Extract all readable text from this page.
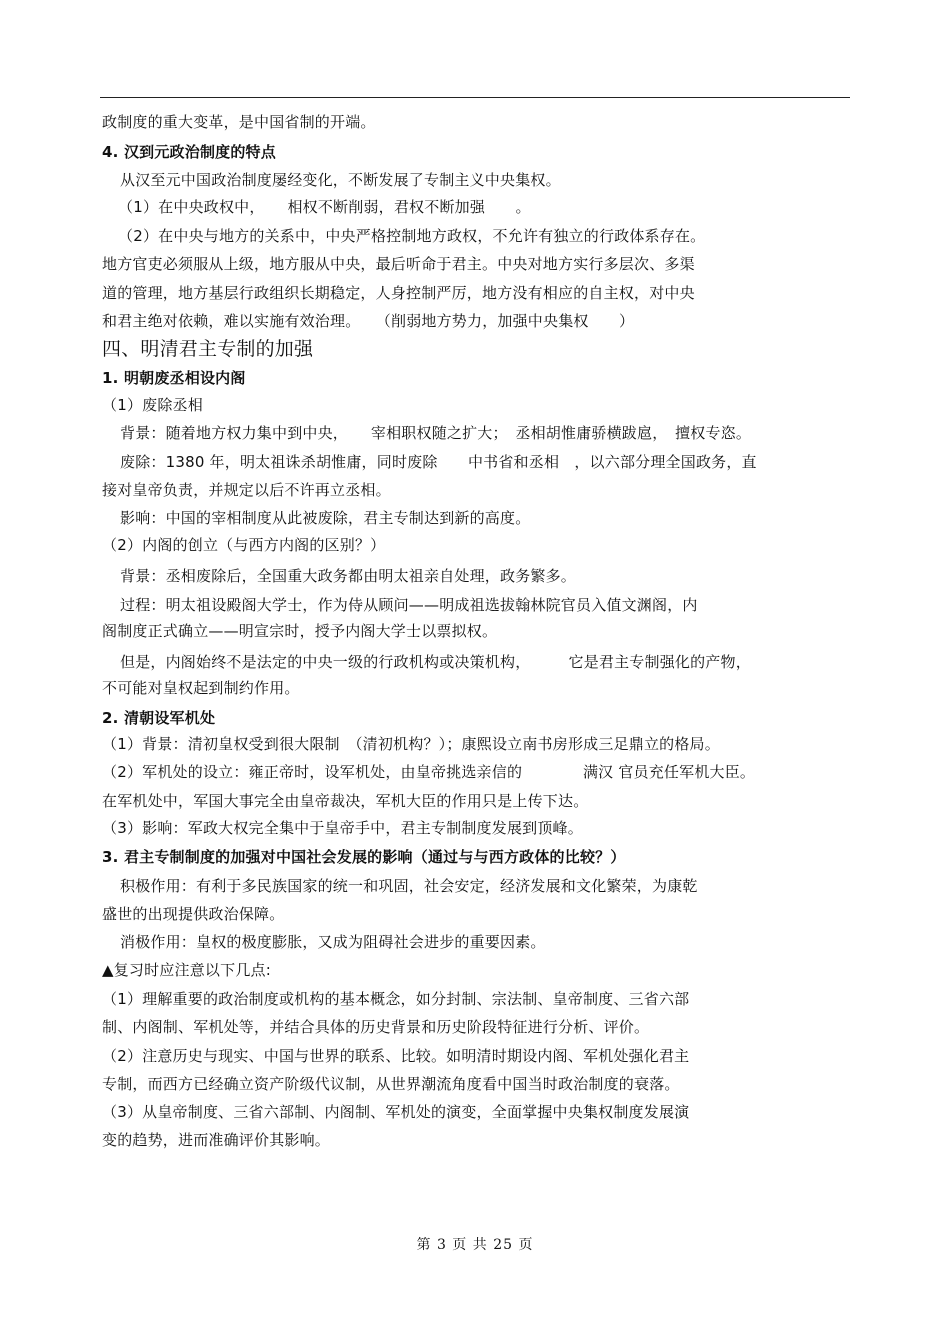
政制度的重大变革，是中国省制的开端。
4. 汉到元政治制度的特点
从汉至元中国政治制度屡经变化，不断发展了专制主义中央集权。
（1）在中央政权中，　　相权不断削弱，君权不断加强　　。
（2）在中央与地方的关系中，中央严格控制地方政权，不允许有独立的行政体系存在。
地方官吏必须服从上级，地方服从中央，最后听命于君主。中央对地方实行多层次、多渠
道的管理，地方基层行政组织长期稳定，人身控制严厉，地方没有相应的自主权，对中央
和君主绝对依赖，难以实施有效治理。　　（削弱地方势力，加强中央集权　　）
四、明清君主专制的加强
1. 明朝废丞相设内阁
（1）废除丞相
背景：随着地方权力集中到中央，　　宰相职权随之扩大；　丞相胡惟庸骄横跋扈，　擅权专恣。
废除：1380 年，明太祖诛杀胡惟庸，同时废除　　中书省和丞相　，以六部分理全国政务，直
接对皇帝负责，并规定以后不许再立丞相。
影响：中国的宰相制度从此被废除，君主专制达到新的高度。
（2）内阁的创立（与西方内阁的区别？）
背景：丞相废除后，全国重大政务都由明太祖亲自处理，政务繁多。
过程：明太祖设殿阁大学士，作为侍从顾问——明成祖选拔翰林院官员入值文渊阁，内
阁制度正式确立——明宣宗时，授予内阁大学士以票拟权。
但是，内阁始终不是法定的中央一级的行政机构或决策机构，　　　它是君主专制强化的产物，
不可能对皇权起到制约作用。
2. 清朝设军机处
（1）背景：清初皇权受到很大限制　（清初机构？）；康熙设立南书房形成三足鼎立的格局。
（2）军机处的设立：雍正帝时，设军机处，由皇帝挑选亲信的　　　　满汉 官员充任军机大臣。
在军机处中，军国大事完全由皇帝裁决，军机大臣的作用只是上传下达。
（3）影响：军政大权完全集中于皇帝手中，君主专制制度发展到顶峰。
3. 君主专制制度的加强对中国社会发展的影响（通过与与西方政体的比较？）
积极作用：有利于多民族国家的统一和巩固，社会安定，经济发展和文化繁荣，为康乾
盛世的出现提供政治保障。
消极作用：皇权的极度膨胀，又成为阻碍社会进步的重要因素。
▲复习时应注意以下几点:
（1）理解重要的政治制度或机构的基本概念，如分封制、宗法制、皇帝制度、三省六部
制、内阁制、军机处等，并结合具体的历史背景和历史阶段特征进行分析、评价。
（2）注意历史与现实、中国与世界的联系、比较。如明清时期设内阁、军机处强化君主
专制，而西方已经确立资产阶级代议制，从世界潮流角度看中国当时政治制度的衰落。
（3）从皇帝制度、三省六部制、内阁制、军机处的演变，全面掌握中央集权制度发展演
变的趋势，进而准确评价其影响。
第 3 页 共 25 页
